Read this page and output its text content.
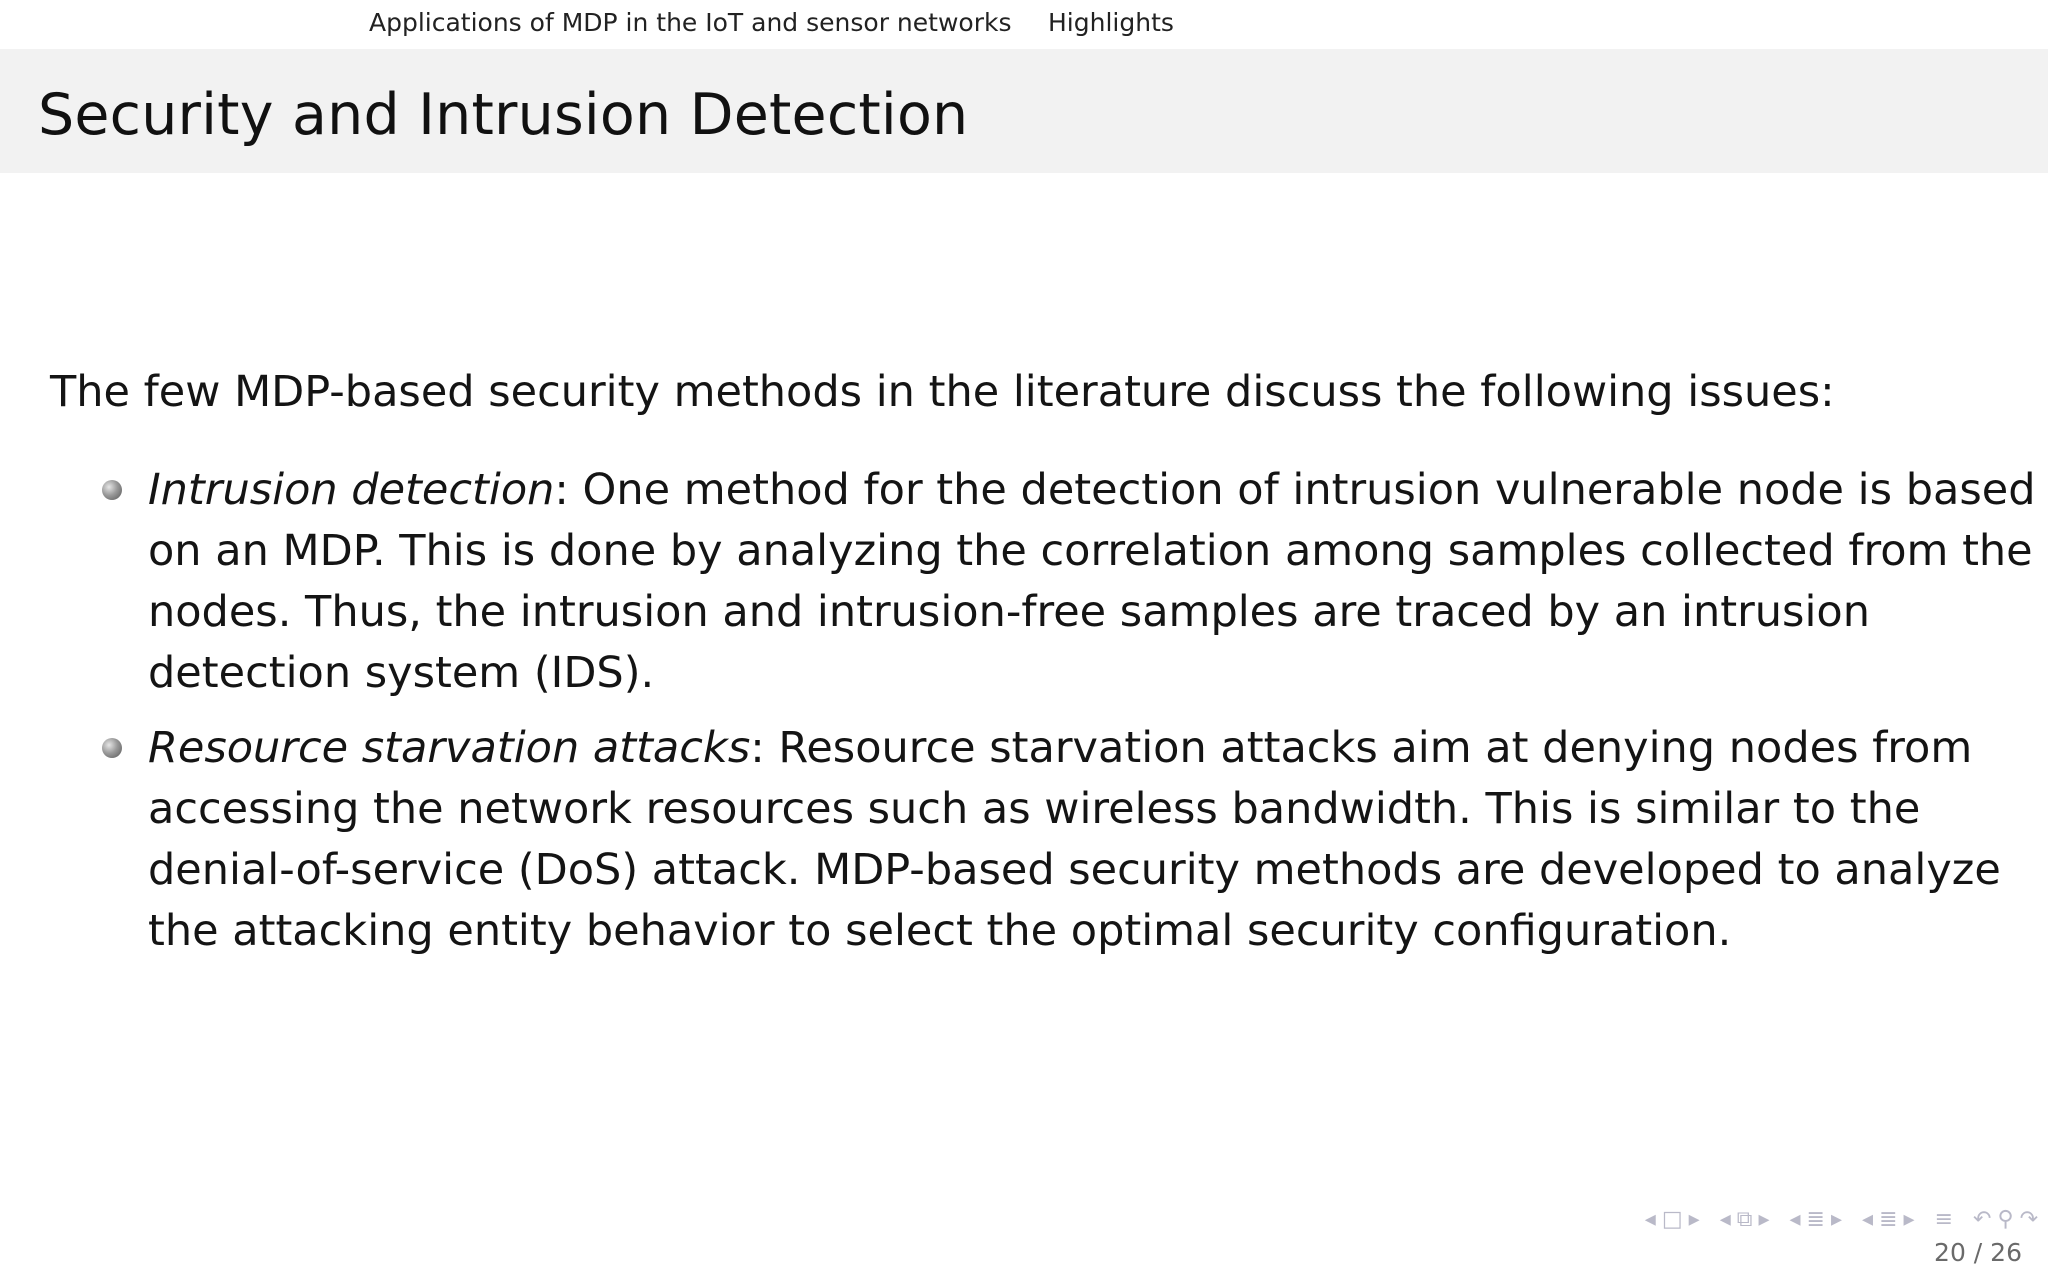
Applications of MDP in the IoT and sensor networks Highlights
Security and Intrusion Detection

The few MDP-based security methods in the literature discuss the following issues:

Intrusion detection: One method for the detection of intrusion vulnerable node is based on an MDP. This is done by analyzing the correlation among samples collected from the nodes. Thus, the intrusion and intrusion-free samples are traced by an intrusion detection system (IDS).
Resource starvation attacks: Resource starvation attacks aim at denying nodes from accessing the network resources such as wireless bandwidth. This is similar to the denial-of-service (DoS) attack. MDP-based security methods are developed to analyze the attacking entity behavior to select the optimal security configuration.
◂ □ ▸ ◂ ⧉ ▸ ◂ ≣ ▸ ◂ ≣ ▸ ≡ ↶ ⚲ ↷
20 / 26
